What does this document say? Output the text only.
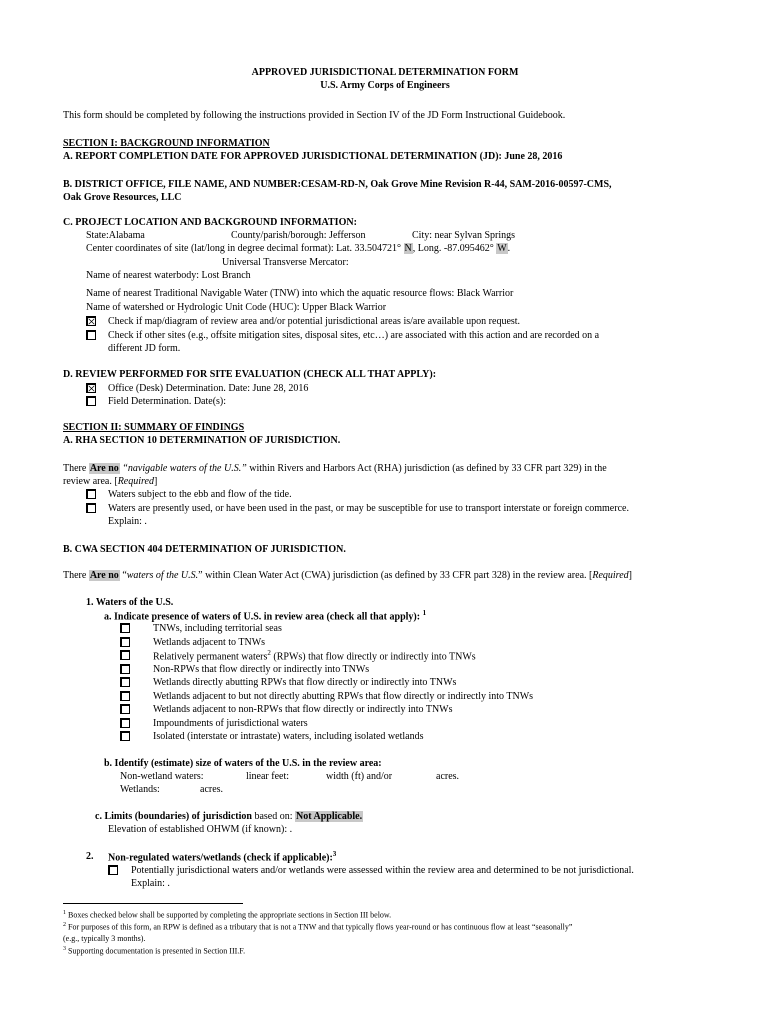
APPROVED JURISDICTIONAL DETERMINATION FORM
U.S. Army Corps of Engineers
This form should be completed by following the instructions provided in Section IV of the JD Form Instructional Guidebook.
SECTION I: BACKGROUND INFORMATION
A. REPORT COMPLETION DATE FOR APPROVED JURISDICTIONAL DETERMINATION (JD): June 28, 2016
B. DISTRICT OFFICE, FILE NAME, AND NUMBER:CESAM-RD-N, Oak Grove Mine Revision R-44, SAM-2016-00597-CMS,
Oak Grove Resources, LLC
C. PROJECT LOCATION AND BACKGROUND INFORMATION:
State:Alabama	County/parish/borough: Jefferson	City: near Sylvan Springs
Center coordinates of site (lat/long in degree decimal format): Lat. 33.504721° N, Long. -87.095462° W.
Universal Transverse Mercator:
Name of nearest waterbody: Lost Branch
Name of nearest Traditional Navigable Water (TNW) into which the aquatic resource flows: Black Warrior
Name of watershed or Hydrologic Unit Code (HUC): Upper Black Warrior
Check if map/diagram of review area and/or potential jurisdictional areas is/are available upon request.
Check if other sites (e.g., offsite mitigation sites, disposal sites, etc…) are associated with this action and are recorded on a
different JD form.
D. REVIEW PERFORMED FOR SITE EVALUATION (CHECK ALL THAT APPLY):
Office (Desk) Determination. Date: June 28, 2016
Field Determination. Date(s):
SECTION II: SUMMARY OF FINDINGS
A. RHA SECTION 10 DETERMINATION OF JURISDICTION.
There Are no “navigable waters of the U.S.” within Rivers and Harbors Act (RHA) jurisdiction (as defined by 33 CFR part 329) in the
review area. [Required]
Waters subject to the ebb and flow of the tide.
Waters are presently used, or have been used in the past, or may be susceptible for use to transport interstate or foreign commerce.
Explain: .
B. CWA SECTION 404 DETERMINATION OF JURISDICTION.
There Are no “waters of the U.S.” within Clean Water Act (CWA) jurisdiction (as defined by 33 CFR part 328) in the review area. [Required]
1. Waters of the U.S.
a. Indicate presence of waters of U.S. in review area (check all that apply): $^1$
TNWs, including territorial seas
Wetlands adjacent to TNWs
Relatively permanent waters$^2$ (RPWs) that flow directly or indirectly into TNWs
Non-RPWs that flow directly or indirectly into TNWs
Wetlands directly abutting RPWs that flow directly or indirectly into TNWs
Wetlands adjacent to but not directly abutting RPWs that flow directly or indirectly into TNWs
Wetlands adjacent to non-RPWs that flow directly or indirectly into TNWs
Impoundments of jurisdictional waters
Isolated (interstate or intrastate) waters, including isolated wetlands
b. Identify (estimate) size of waters of the U.S. in the review area:
Non-wetland waters:	linear feet:	width (ft) and/or	acres.
Wetlands:	acres.
c. Limits (boundaries) of jurisdiction based on: Not Applicable.
Elevation of established OHWM (if known): .
2. Non-regulated waters/wetlands (check if applicable):$^3$
Potentially jurisdictional waters and/or wetlands were assessed within the review area and determined to be not jurisdictional.
Explain: .
$^1$ Boxes checked below shall be supported by completing the appropriate sections in Section III below.
$^2$ For purposes of this form, an RPW is defined as a tributary that is not a TNW and that typically flows year-round or has continuous flow at least “seasonally”
(e.g., typically 3 months).
$^3$ Supporting documentation is presented in Section III.F.
